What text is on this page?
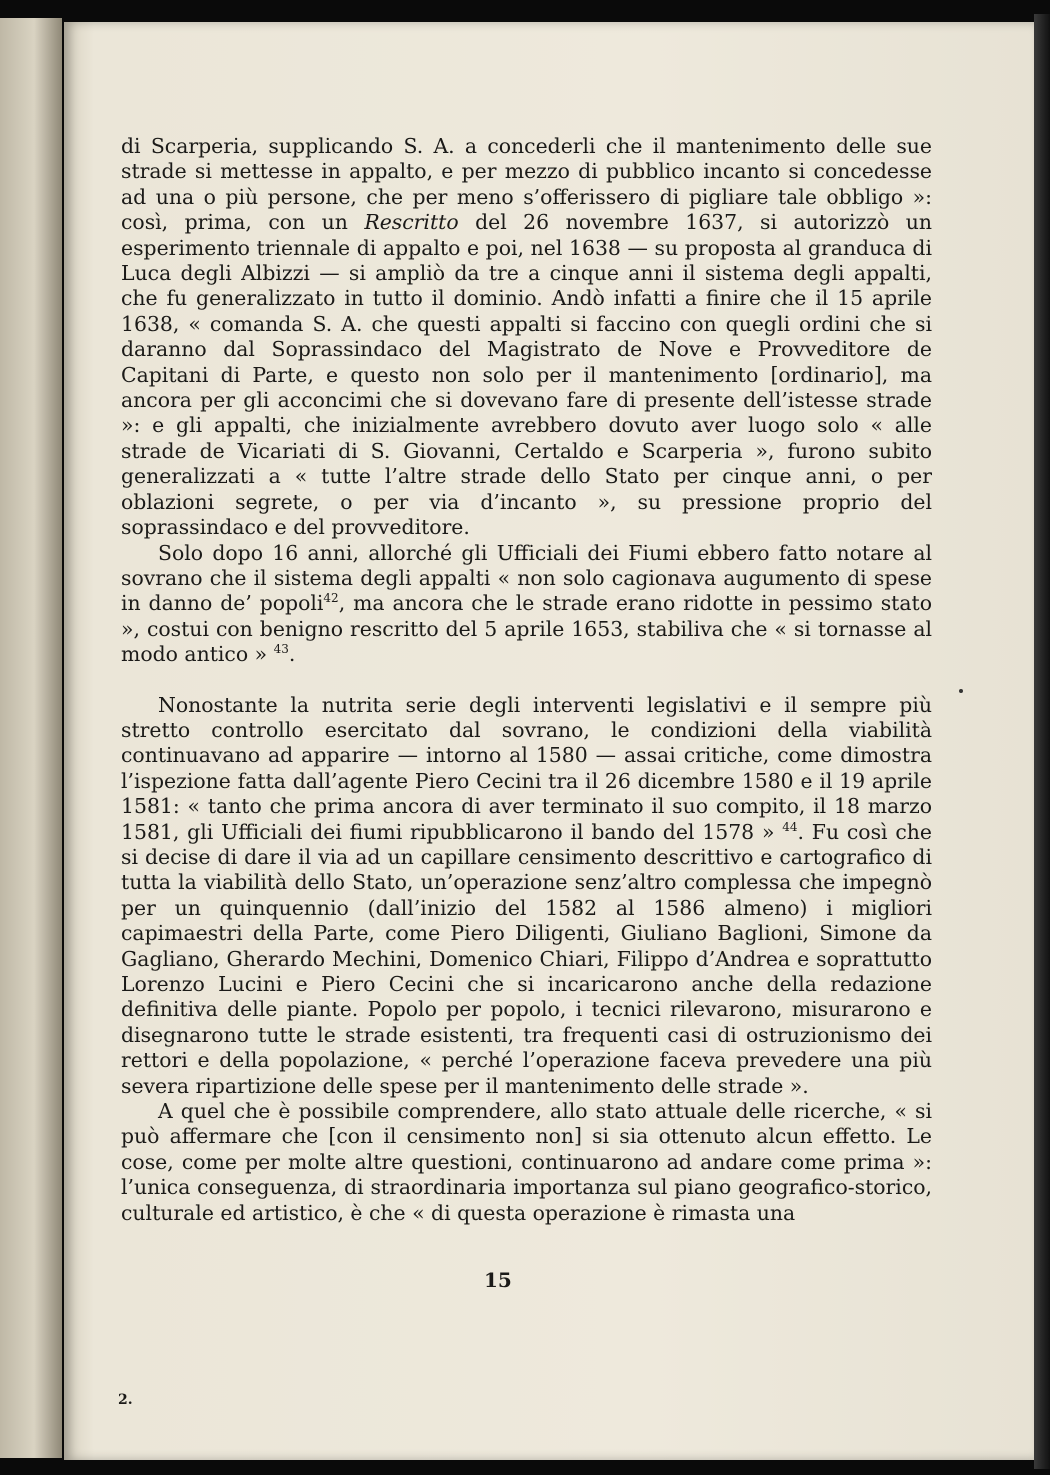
di Scarperia, supplicando S. A. a concederli che il mantenimento delle sue strade si mettesse in appalto, e per mezzo di pubblico incanto si concedesse ad una o più persone, che per meno s’offerissero di pigliare tale obbligo »: così, prima, con un Rescritto del 26 novembre 1637, si autorizzò un esperimento triennale di appalto e poi, nel 1638 — su proposta al granduca di Luca degli Albizzi — si ampliò da tre a cinque anni il sistema degli appalti, che fu generalizzato in tutto il dominio. Andò infatti a finire che il 15 aprile 1638, « comanda S. A. che questi appalti si faccino con quegli ordini che si daranno dal Soprassindaco del Magistrato de Nove e Provveditore de Capitani di Parte, e questo non solo per il mantenimento [ordinario], ma ancora per gli acconcimi che si dovevano fare di presente dell’istesse strade »: e gli appalti, che inizialmente avrebbero dovuto aver luogo solo « alle strade de Vicariati di S. Giovanni, Certaldo e Scarperia », furono subito generalizzati a « tutte l’altre strade dello Stato per cinque anni, o per oblazioni segrete, o per via d’incanto », su pressione proprio del soprassindaco e del provveditore.

Solo dopo 16 anni, allorché gli Ufficiali dei Fiumi ebbero fatto notare al sovrano che il sistema degli appalti « non solo cagionava augumento di spese in danno de’ popoli$^{42}$, ma ancora che le strade erano ridotte in pessimo stato », costui con benigno rescritto del 5 aprile 1653, stabiliva che « si tornasse al modo antico » $^{43}$.

Nonostante la nutrita serie degli interventi legislativi e il sempre più stretto controllo esercitato dal sovrano, le condizioni della viabilità continuavano ad apparire — intorno al 1580 — assai critiche, come dimostra l’ispezione fatta dall’agente Piero Cecini tra il 26 dicembre 1580 e il 19 aprile 1581: « tanto che prima ancora di aver terminato il suo compito, il 18 marzo 1581, gli Ufficiali dei fiumi ripubblicarono il bando del 1578 » $^{44}$. Fu così che si decise di dare il via ad un capillare censimento descrittivo e cartografico di tutta la viabilità dello Stato, un’operazione senz’altro complessa che impegnò per un quinquennio (dall’inizio del 1582 al 1586 almeno) i migliori capimaestri della Parte, come Piero Diligenti, Giuliano Baglioni, Simone da Gagliano, Gherardo Mechini, Domenico Chiari, Filippo d’Andrea e soprattutto Lorenzo Lucini e Piero Cecini che si incaricarono anche della redazione definitiva delle piante. Popolo per popolo, i tecnici rilevarono, misurarono e disegnarono tutte le strade esistenti, tra frequenti casi di ostruzionismo dei rettori e della popolazione, « perché l’operazione faceva prevedere una più severa ripartizione delle spese per il mantenimento delle strade ».

A quel che è possibile comprendere, allo stato attuale delle ricerche, « si può affermare che [con il censimento non] si sia ottenuto alcun effetto. Le cose, come per molte altre questioni, continuarono ad andare come prima »: l’unica conseguenza, di straordinaria importanza sul piano geografico-storico, culturale ed artistico, è che « di questa operazione è rimasta una

15
2.
